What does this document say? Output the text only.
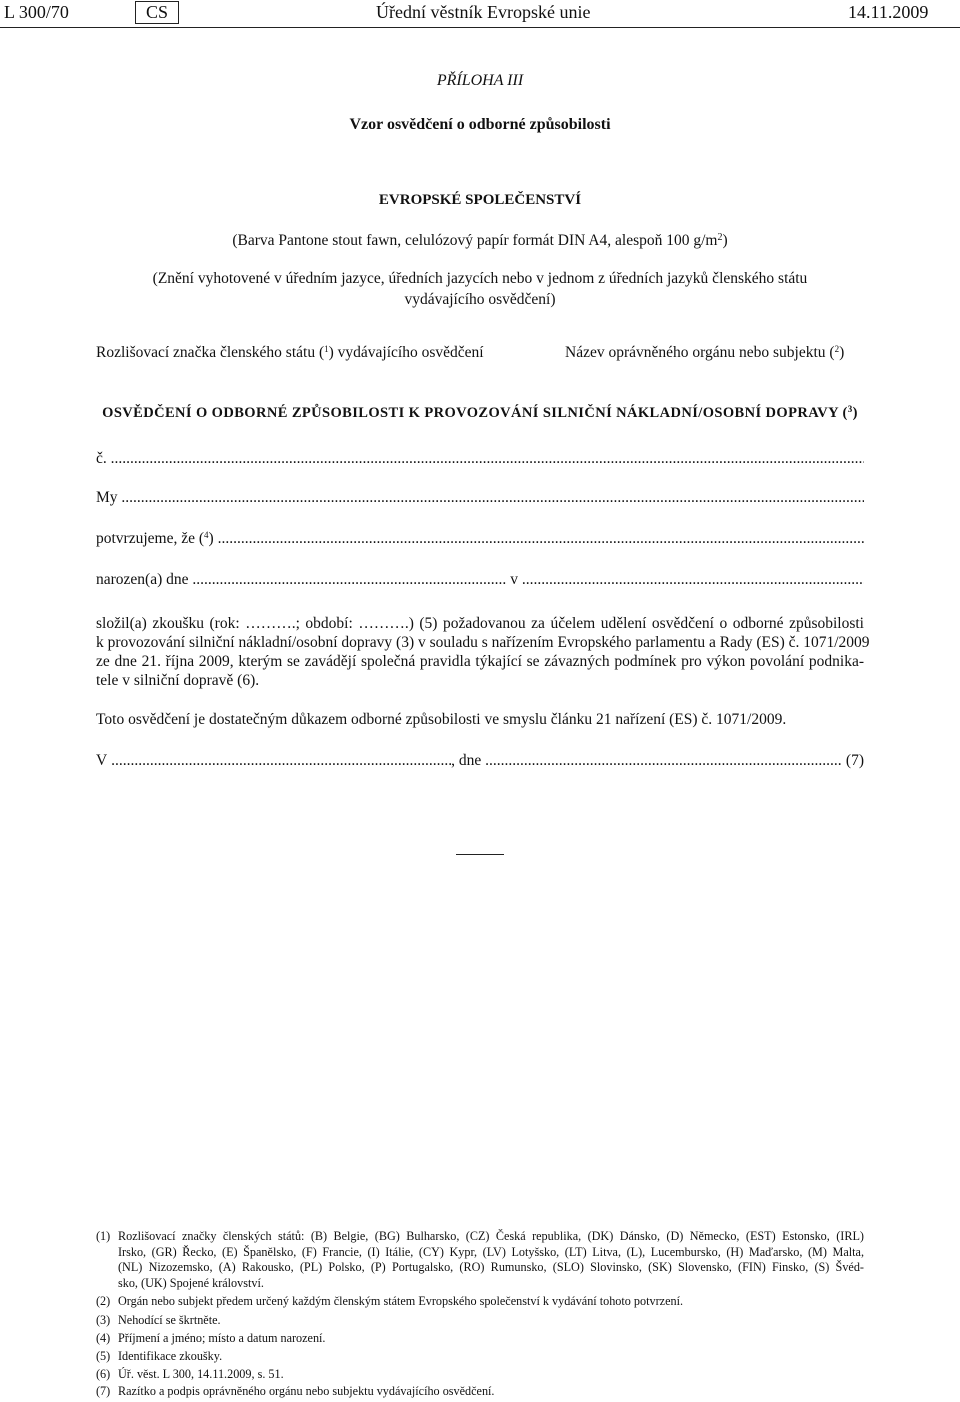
L 300/70	CS	Úřední věstník Evropské unie	14.11.2009
PŘÍLOHA III
Vzor osvědčení o odborné způsobilosti
EVROPSKÉ SPOLEČENSTVÍ
(Barva Pantone stout fawn, celulózový papír formát DIN A4, alespoň 100 $g/m^2$)
(Znění vyhotovené v úředním jazyce, úředních jazycích nebo v jednom z úředních jazyků členského státu
vydávajícího osvědčení)
Rozlišovací značka členského státu ($^1$) vydávajícího osvědčení	Název oprávněného orgánu nebo subjektu ($^2$)
OSVĚDČENÍ O ODBORNÉ ZPŮSOBILOSTI K PROVOZOVÁNÍ SILNIČNÍ NÁKLADNÍ/OSOBNÍ DOPRAVY ($^3$)
č.

.....
My

.....
potvrzujeme, že ($^4$)

.....
narozen(a) dne
.....
	v

.....
složil(a) zkoušku (rok: ……….; období: ……….) (5) požadovanou za účelem udělení osvědčení o odborné způsobilosti
k provozování silniční nákladní/osobní dopravy (3) v souladu s nařízením Evropského parlamentu a Rady (ES) č. 1071/2009
ze dne 21. října 2009, kterým se zavádějí společná pravidla týkající se závazných podmínek pro výkon povolání podnika-
tele v silniční dopravě (6).
Toto osvědčení je dostatečným důkazem odborné způsobilosti ve smyslu článku 21 nařízení (ES) č. 1071/2009.
V
.....	, dne
.....
	(7)
(1) Rozlišovací značky členských států: (B) Belgie, (BG) Bulharsko, (CZ) Česká republika, (DK) Dánsko, (D) Německo, (EST) Estonsko, (IRL)
Irsko, (GR) Řecko, (E) Španělsko, (F) Francie, (I) Itálie, (CY) Kypr, (LV) Lotyšsko, (LT) Litva, (L), Lucembursko, (H) Maďarsko, (M) Malta,
(NL) Nizozemsko, (A) Rakousko, (PL) Polsko, (P) Portugalsko, (RO) Rumunsko, (SLO) Slovinsko, (SK) Slovensko, (FIN) Finsko, (S) Švéd-
sko, (UK) Spojené království.
(2) Orgán nebo subjekt předem určený každým členským státem Evropského společenství k vydávání tohoto potvrzení.
(3) Nehodící se škrtněte.
(4) Příjmení a jméno; místo a datum narození.
(5) Identifikace zkoušky.
(6) Úř. věst. L 300, 14.11.2009, s. 51.
(7) Razítko a podpis oprávněného orgánu nebo subjektu vydávajícího osvědčení.
